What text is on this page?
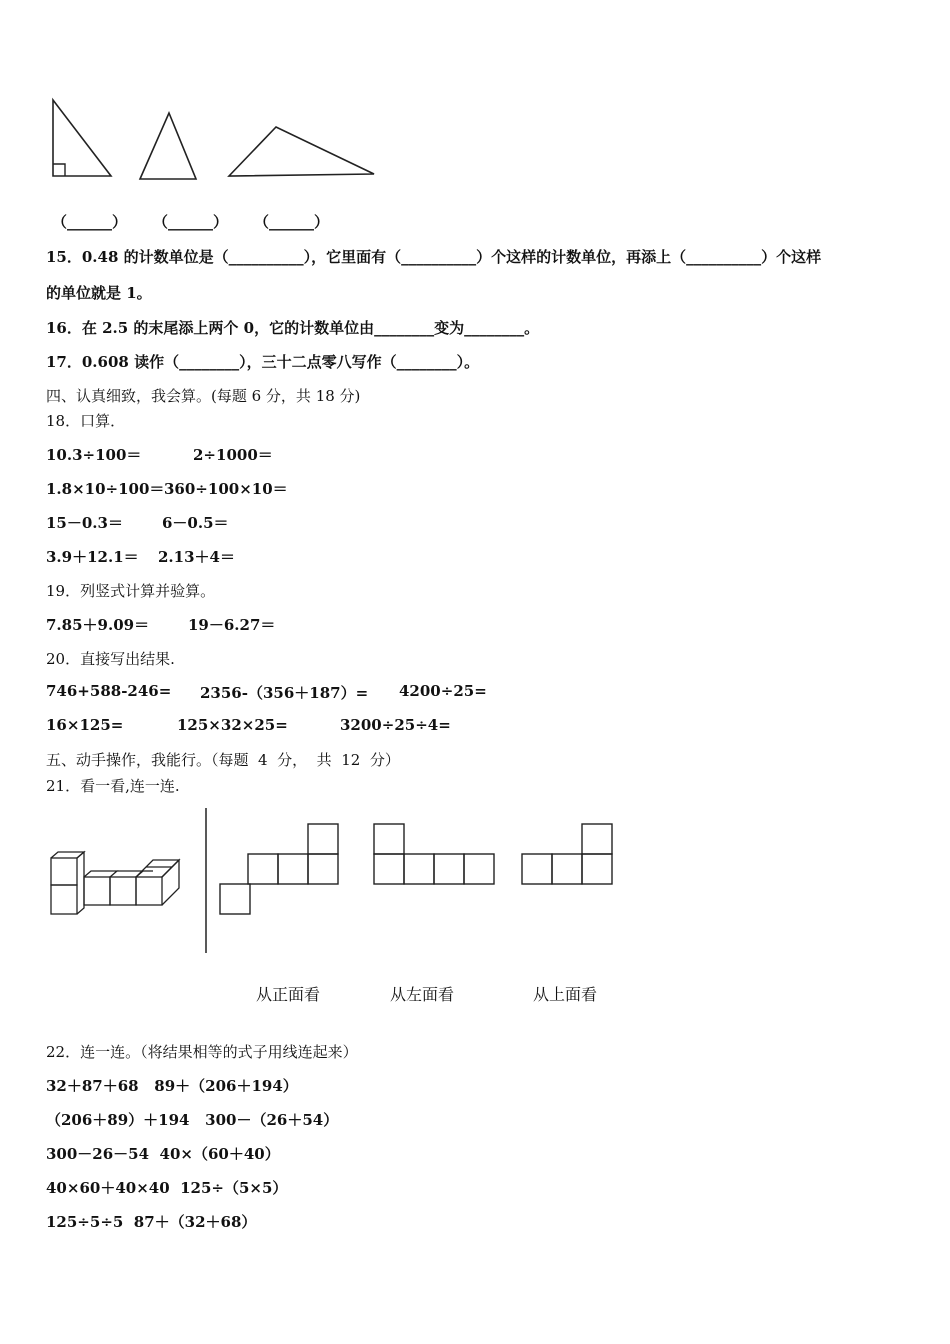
（______） （______） （______）
15．0.48 的计数单位是（__________），它里面有（__________）个这样的计数单位，再添上（__________）个这样
的单位就是 1。
16．在 2.5 的末尾添上两个 0，它的计数单位由________变为________。
17．0.608 读作（________），三十二点零八写作（________）。
四、认真细致，我会算。(每题 6 分，共 18 分)
18．口算．
10.3÷100＝	2÷1000＝
1.8×10÷100＝ 360÷100×10＝
15－0.3＝	6－0.5＝
3.9＋12.1＝ 2.13＋4＝
19．列竖式计算并验算。
7.85＋9.09＝	19－6.27＝
20．直接写出结果.
746+588-246= 2356-（356＋187）= 4200÷25=
16×125=	125×32×25=	3200÷25÷4=
五、动手操作，我能行。（每题  4  分，  共  12  分）
21．看一看,连一连.
从正面看	从左面看	从上面看
22．连一连。（将结果相等的式子用线连起来）
32＋87＋68   89＋（206＋194）
（206＋89）＋194   300－（26＋54）
300－26－54  40×（60＋40）
40×60＋40×40  125÷（5×5）
125÷5÷5  87＋（32＋68）
